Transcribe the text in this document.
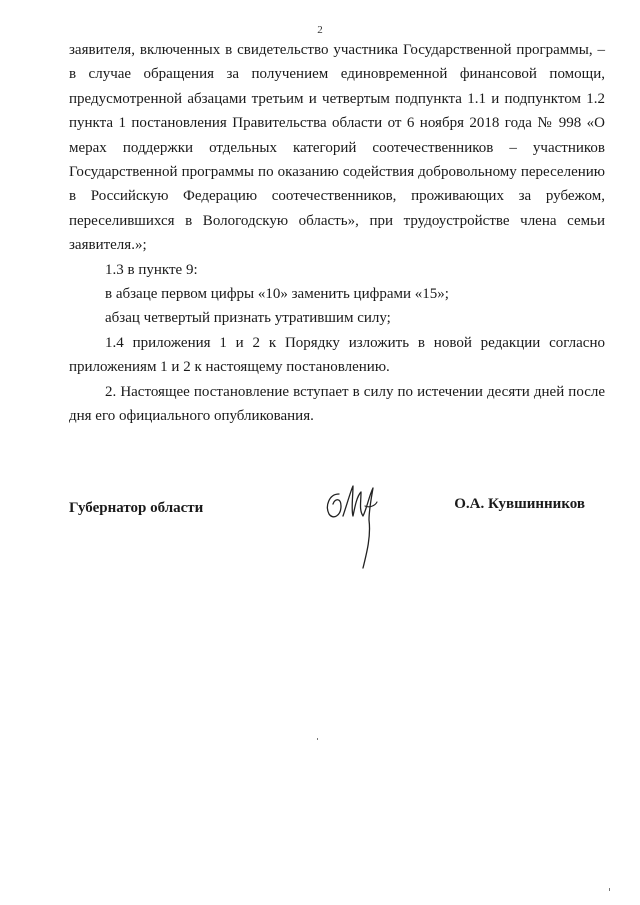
2

заявителя, включенных в свидетельство участника Государственной программы, – в случае обращения за получением единовременной финансовой помощи, предусмотренной абзацами третьим и четвертым подпункта 1.1 и подпунктом 1.2 пункта 1 постановления Правительства области от 6 ноября 2018 года № 998 «О мерах поддержки отдельных категорий соотечественников – участников Государственной программы по оказанию содействия добровольному переселению в Российскую Федерацию соотечественников, проживающих за рубежом, переселившихся в Вологодскую область», при трудоустройстве члена семьи заявителя.»;

1.3 в пункте 9:

в абзаце первом цифры «10» заменить цифрами «15»;

абзац четвертый признать утратившим силу;

1.4 приложения 1 и 2 к Порядку изложить в новой редакции согласно приложениям 1 и 2 к настоящему постановлению.

2. Настоящее постановление вступает в силу по истечении десяти дней после дня его официального опубликования.

Губернатор области	О.А. Кувшинников
